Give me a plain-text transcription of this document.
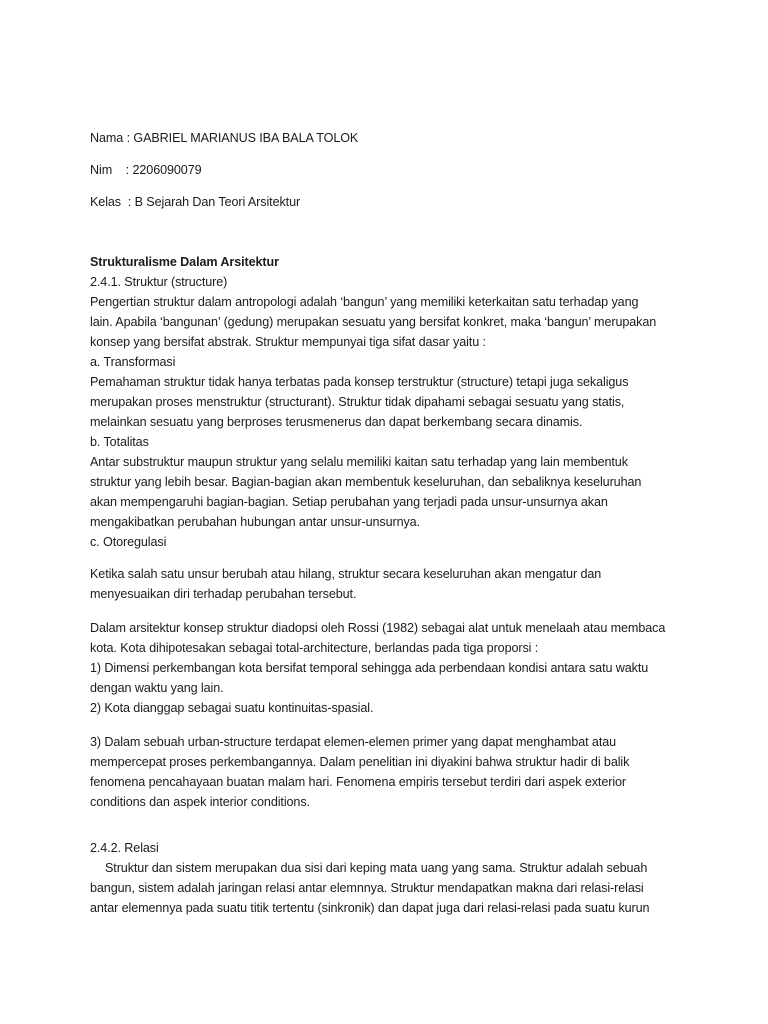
Nama : GABRIEL MARIANUS IBA BALA TOLOK
Nim    : 2206090079
Kelas  : B Sejarah Dan Teori Arsitektur
Strukturalisme Dalam Arsitektur
2.4.1. Struktur (structure)
Pengertian struktur dalam antropologi adalah ‘bangun’ yang memiliki keterkaitan satu terhadap yang
lain. Apabila ‘bangunan’ (gedung) merupakan sesuatu yang bersifat konkret, maka ‘bangun’ merupakan
konsep yang bersifat abstrak. Struktur mempunyai tiga sifat dasar yaitu :
a. Transformasi
Pemahaman struktur tidak hanya terbatas pada konsep terstruktur (structure) tetapi juga sekaligus
merupakan proses menstruktur (structurant). Struktur tidak dipahami sebagai sesuatu yang statis,
melainkan sesuatu yang berproses terusmenerus dan dapat berkembang secara dinamis.
b. Totalitas
Antar substruktur maupun struktur yang selalu memiliki kaitan satu terhadap yang lain membentuk
struktur yang lebih besar. Bagian-bagian akan membentuk keseluruhan, dan sebaliknya keseluruhan
akan mempengaruhi bagian-bagian. Setiap perubahan yang terjadi pada unsur-unsurnya akan
mengakibatkan perubahan hubungan antar unsur-unsurnya.
c. Otoregulasi
Ketika salah satu unsur berubah atau hilang, struktur secara keseluruhan akan mengatur dan
menyesuaikan diri terhadap perubahan tersebut.
Dalam arsitektur konsep struktur diadopsi oleh Rossi (1982) sebagai alat untuk menelaah atau membaca
kota. Kota dihipotesakan sebagai total-architecture, berlandas pada tiga proporsi :
1) Dimensi perkembangan kota bersifat temporal sehingga ada perbendaan kondisi antara satu waktu
dengan waktu yang lain.
2) Kota dianggap sebagai suatu kontinuitas-spasial.
3) Dalam sebuah urban-structure terdapat elemen-elemen primer yang dapat menghambat atau
mempercepat proses perkembangannya. Dalam penelitian ini diyakini bahwa struktur hadir di balik
fenomena pencahayaan buatan malam hari. Fenomena empiris tersebut terdiri dari aspek exterior
conditions dan aspek interior conditions.
2.4.2. Relasi
Struktur dan sistem merupakan dua sisi dari keping mata uang yang sama. Struktur adalah sebuah
bangun, sistem adalah jaringan relasi antar elemnnya. Struktur mendapatkan makna dari relasi-relasi
antar elemennya pada suatu titik tertentu (sinkronik) dan dapat juga dari relasi-relasi pada suatu kurun
